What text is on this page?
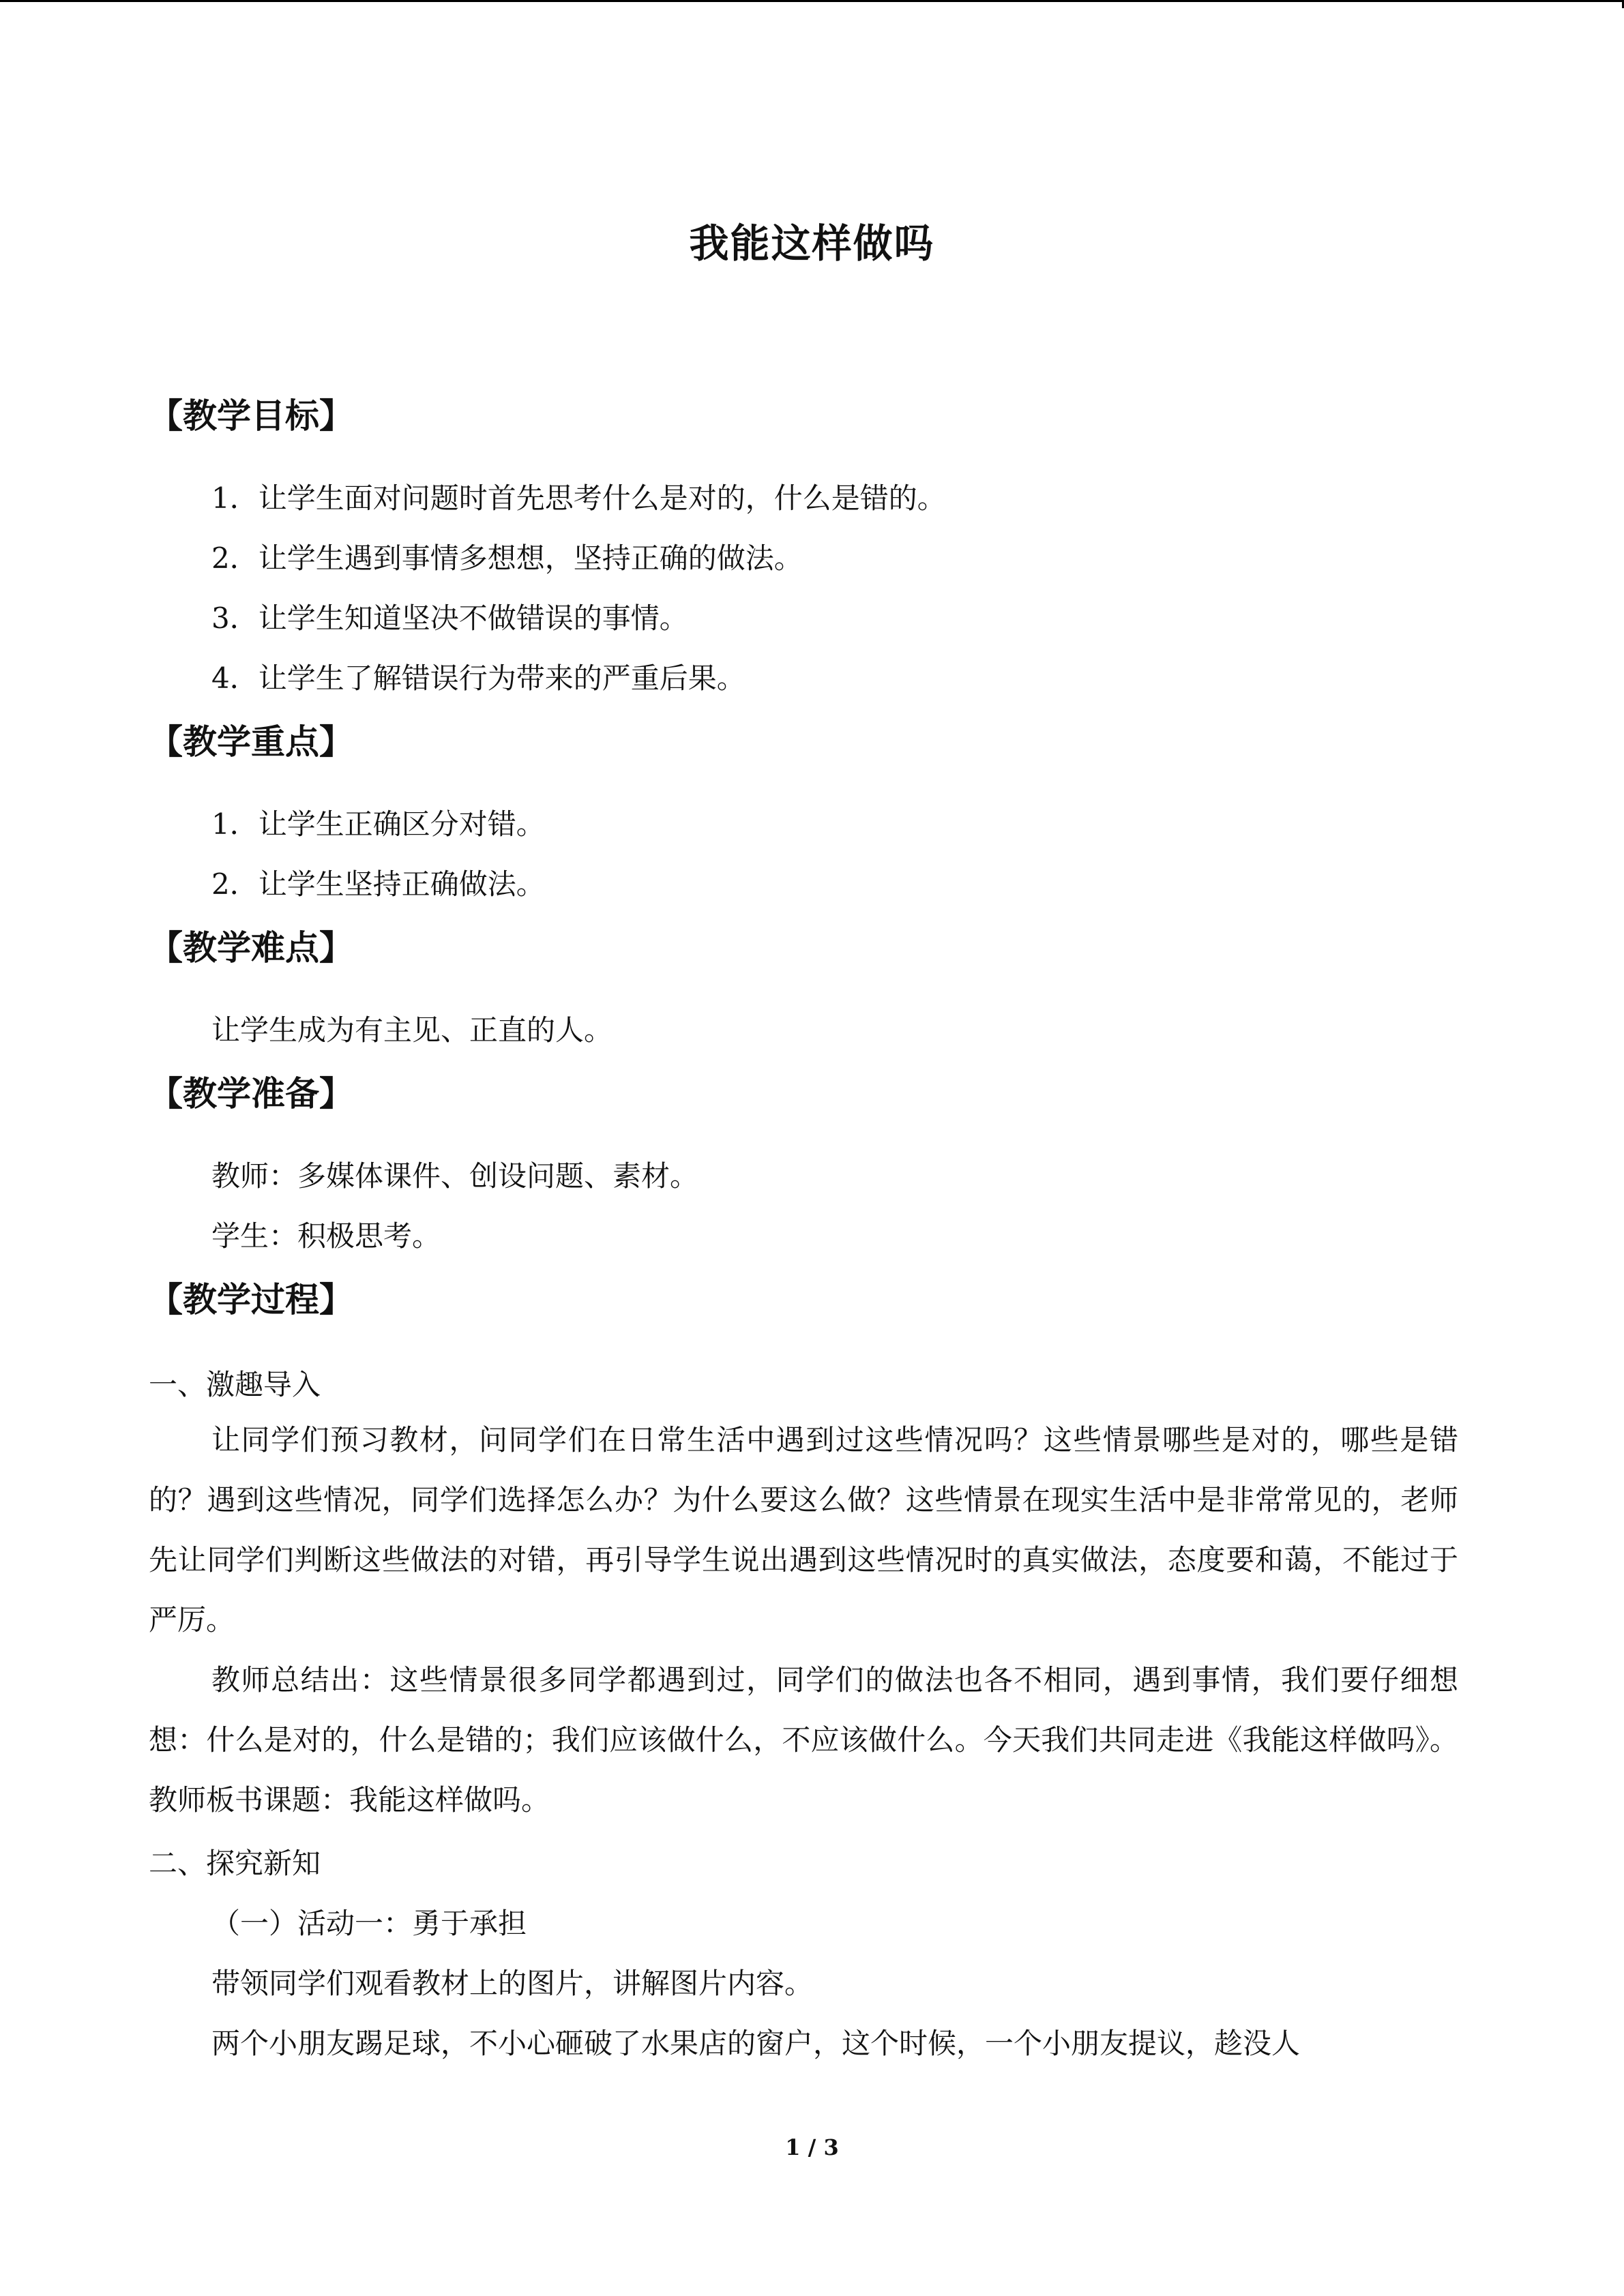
我能这样做吗
【教学目标】
1．让学生面对问题时首先思考什么是对的，什么是错的。
2．让学生遇到事情多想想，坚持正确的做法。
3．让学生知道坚决不做错误的事情。
4．让学生了解错误行为带来的严重后果。
【教学重点】
1．让学生正确区分对错。
2．让学生坚持正确做法。
【教学难点】
让学生成为有主见、正直的人。
【教学准备】
教师：多媒体课件、创设问题、素材。
学生：积极思考。
【教学过程】
一、激趣导入
让同学们预习教材，问同学们在日常生活中遇到过这些情况吗？这些情景哪些是对的，哪些是错的？遇到这些情况，同学们选择怎么办？为什么要这么做？这些情景在现实生活中是非常常见的，老师先让同学们判断这些做法的对错，再引导学生说出遇到这些情况时的真实做法，态度要和蔼，不能过于严厉。
教师总结出：这些情景很多同学都遇到过，同学们的做法也各不相同，遇到事情，我们要仔细想想：什么是对的，什么是错的；我们应该做什么，不应该做什么。今天我们共同走进《我能这样做吗》。教师板书课题：我能这样做吗。
二、探究新知
（一）活动一：勇于承担
带领同学们观看教材上的图片，讲解图片内容。
两个小朋友踢足球，不小心砸破了水果店的窗户，这个时候，一个小朋友提议，趁没人
1 / 3
